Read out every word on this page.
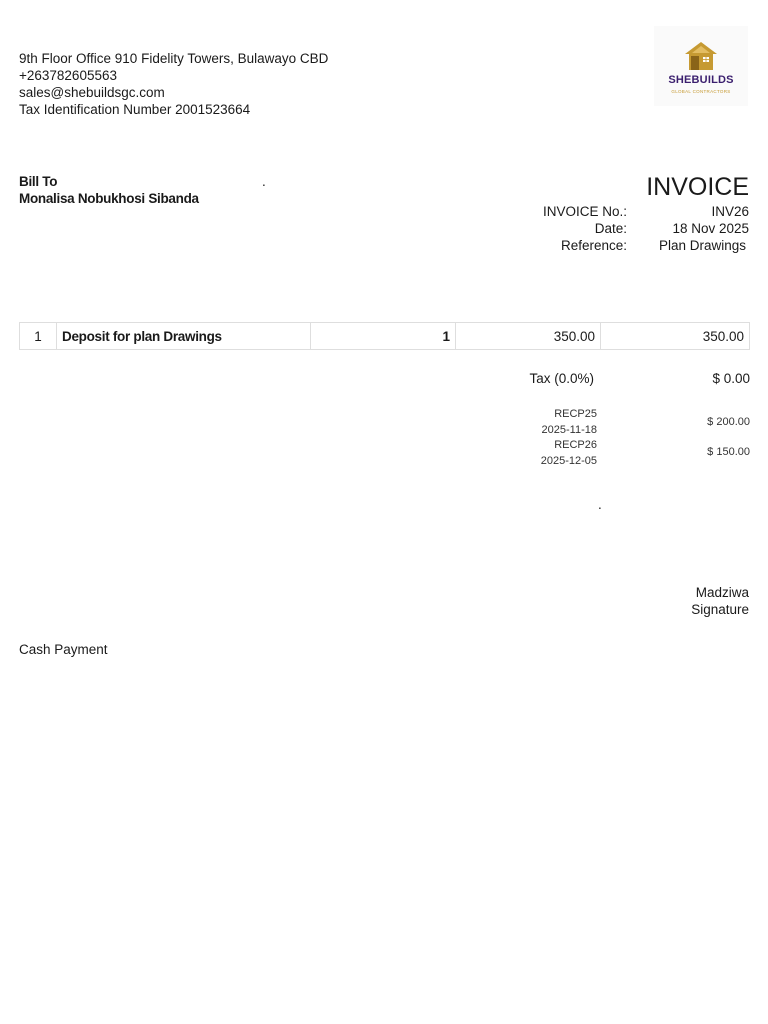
9th Floor Office 910 Fidelity Towers, Bulawayo CBD
+263782605563
sales@shebuildsgc.com
Tax Identification Number 2001523664
SHEBUILDS
GLOBAL CONTRACTORS
Bill To
Monalisa Nobukhosi Sibanda
.	INVOICE
INVOICE No.:	INV26
Date:	18 Nov 2025
Reference:	Plan Drawings
1	Deposit for plan Drawings	1	350.00	350.00
Tax (0.0%)	$ 0.00
RECP25
2025-11-18
$ 200.00
RECP26
2025-12-05
$ 150.00
.
Madziwa
Signature
Cash Payment
